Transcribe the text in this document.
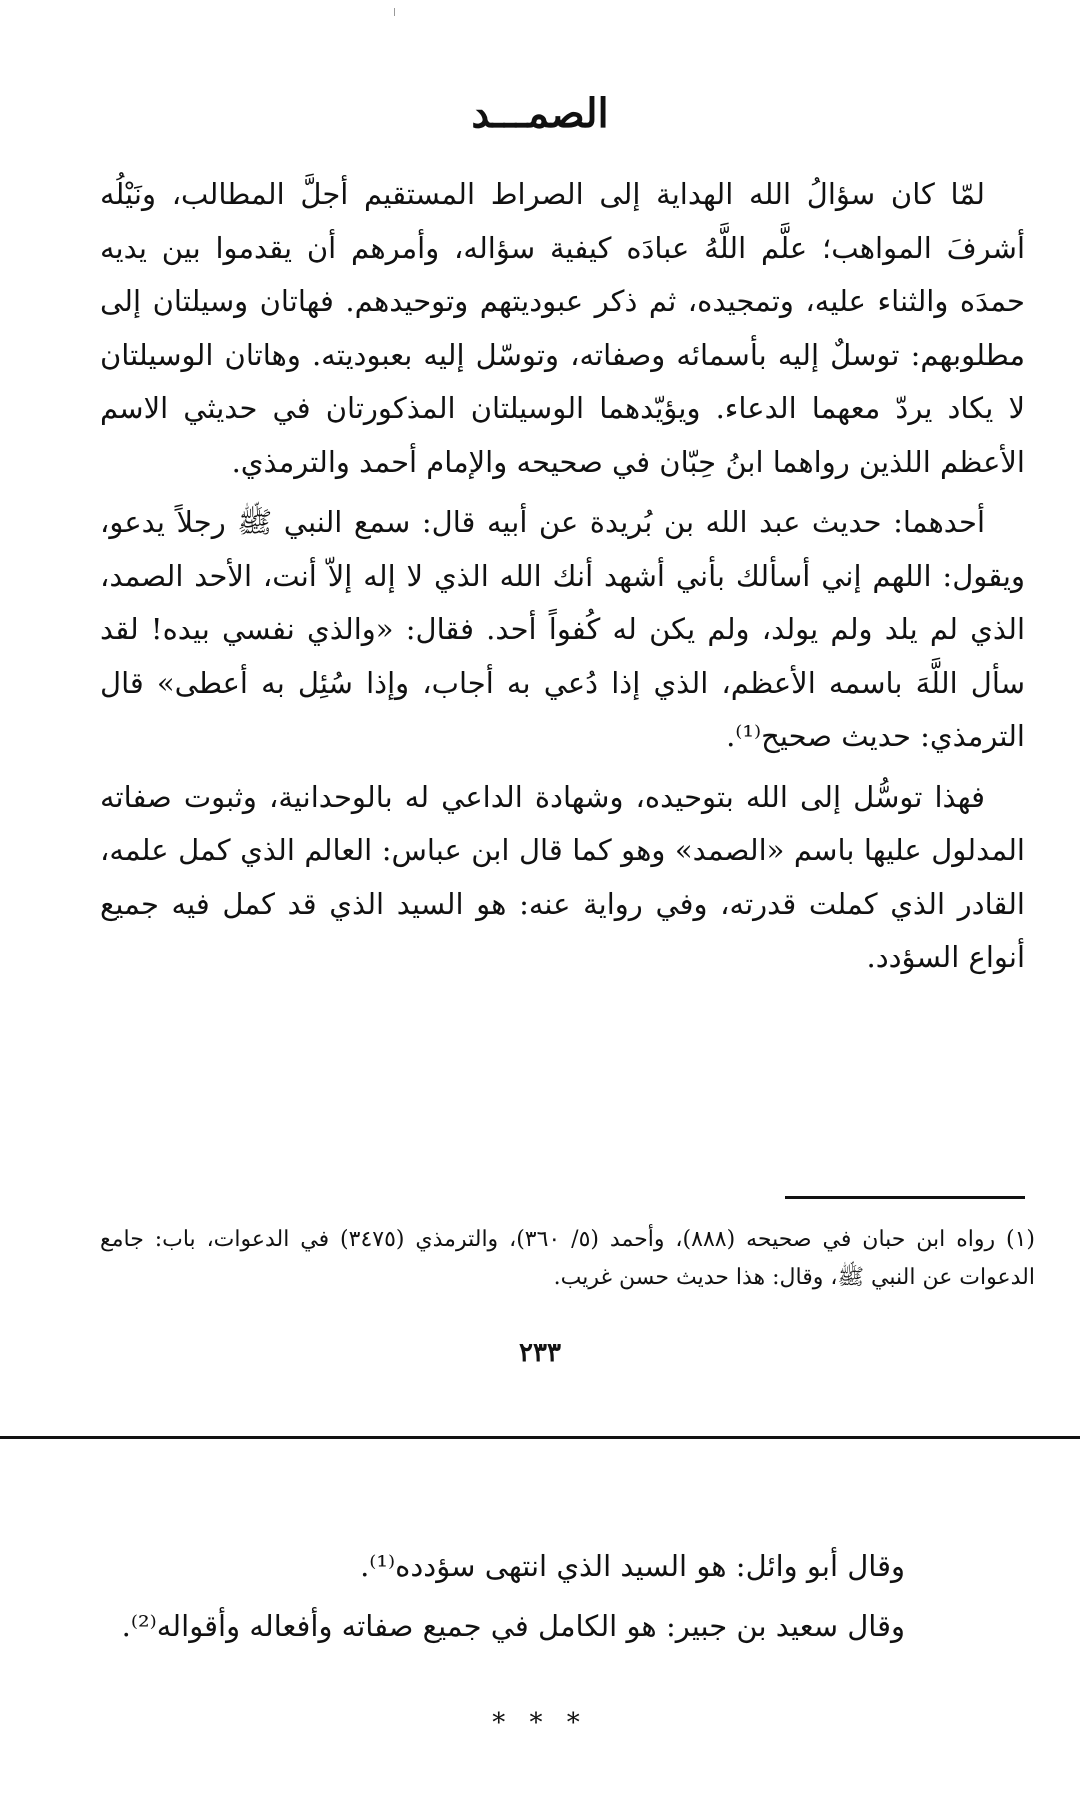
الصمـــد

لمّا كان سؤالُ الله الهداية إلى الصراط المستقيم أجلَّ المطالب، ونَيْلُه أشرفَ المواهب؛ علَّم اللَّهُ عبادَه كيفية سؤاله، وأمرهم أن يقدموا بين يديه حمدَه والثناء عليه، وتمجيده، ثم ذكر عبوديتهم وتوحيدهم. فهاتان وسيلتان إلى مطلوبهم: توسلٌ إليه بأسمائه وصفاته، وتوسّل إليه بعبوديته. وهاتان الوسيلتان لا يكاد يردّ معهما الدعاء. ويؤيّدهما الوسيلتان المذكورتان في حديثي الاسم الأعظم اللذين رواهما ابنُ حِبّان في صحيحه والإمام أحمد والترمذي.

أحدهما: حديث عبد الله بن بُريدة عن أبيه قال: سمع النبي ﷺ رجلاً يدعو، ويقول: اللهم إني أسألك بأني أشهد أنك الله الذي لا إله إلاّ أنت، الأحد الصمد، الذي لم يلد ولم يولد، ولم يكن له كُفواً أحد. فقال: «والذي نفسي بيده! لقد سأل اللَّهَ باسمه الأعظم، الذي إذا دُعي به أجاب، وإذا سُئِل به أعطى» قال الترمذي: حديث صحيح⁽¹⁾.

فهذا توسُّل إلى الله بتوحيده، وشهادة الداعي له بالوحدانية، وثبوت صفاته المدلول عليها باسم «الصمد» وهو كما قال ابن عباس: العالم الذي كمل علمه، القادر الذي كملت قدرته، وفي رواية عنه: هو السيد الذي قد كمل فيه جميع أنواع السؤدد.

(١) رواه ابن حبان في صحيحه (٨٨٨)، وأحمد (٥/ ٣٦٠)، والترمذي (٣٤٧٥) في الدعوات، باب: جامع الدعوات عن النبي ﷺ، وقال: هذا حديث حسن غريب.

٢٣٣

وقال أبو وائل: هو السيد الذي انتهى سؤدده⁽¹⁾.

وقال سعيد بن جبير: هو الكامل في جميع صفاته وأفعاله وأقواله⁽²⁾.

* * *
